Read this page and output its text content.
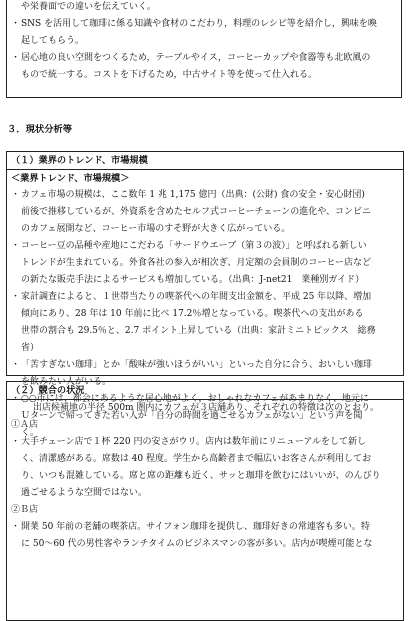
や栄養面での違いを伝えていく。

・ SNS を活用して珈琲に係る知識や食材のこだわり，料理のレシピ等を紹介し，興味を喚

起してもらう。

・ 居心地の良い空間をつくるため，テーブルやイス，コーヒーカップや食器等も北欧風の

もので統一する。コストを下げるため，中古サイト等を使って仕入れる。

３．現状分析等
（１）業界のトレンド、市場規模
＜業界トレンド、市場規模＞
・ カフェ市場の規模は、ここ数年 1 兆 1,175 億円（出典：(公財) 食の安全・安心財団)

前後で推移しているが、外資系を含めたセルフ式コーヒーチェーンの進化や、コンビニ

のカフェ展開など、コーヒー市場のすそ野が大きく広がっている。

・ コーヒー豆の品種や産地にこだわる「サードウエーブ（第３の波）」と呼ばれる新しい

トレンドが生まれている。外食各社の参入が相次ぎ、月定額の会員制のコーヒー店など

の新たな販売手法によるサービスも増加している。（出典：J-net21　業種別ガイド）

・ 家計調査によると、１世帯当たりの喫茶代への年間支出金額を、平成 25 年以降、増加

傾向にあり、28 年は 10 年前に比べ 17.2％増となっている。喫茶代への支出がある

世帯の割合も 29.5％と、2.7 ポイント上昇している（出典：家計ミニトピックス　総務

省）

・ 「苦すぎない珈琲」とか「酸味が強いほうがいい」といった自分に合う、おいしい珈琲

を飲みたい人がいる。

・ ○○市には、都会にあるような居心地がよく，おしゃれなカフェがあまりなく、地元に

Ｕターンで帰ってきた若い人が「自分の時間を過ごせるカフェがない」という声を聞

く。

（２）競合の状況

出店候補地の半径 500m 圏内にカフェが３店舗あり、それぞれの特徴は次のとおり。

①Ａ店

・ 大手チェーン店で１杯 220 円の安さがウリ。店内は数年前にリニューアルをして新し

く、清潔感がある。席数は 40 程度。学生から高齢者まで幅広いお客さんが利用してお

り、いつも混雑している。席と席の距離も近く、サッと珈琲を飲むにはいいが、のんびり

過ごせるような空間ではない。

②Ｂ店

・ 開業 50 年前の老舗の喫茶店。サイフォン珈琲を提供し、珈琲好きの常連客も多い。特

に 50～60 代の男性客やランチタイムのビジネスマンの客が多い。店内が喫煙可能とな
